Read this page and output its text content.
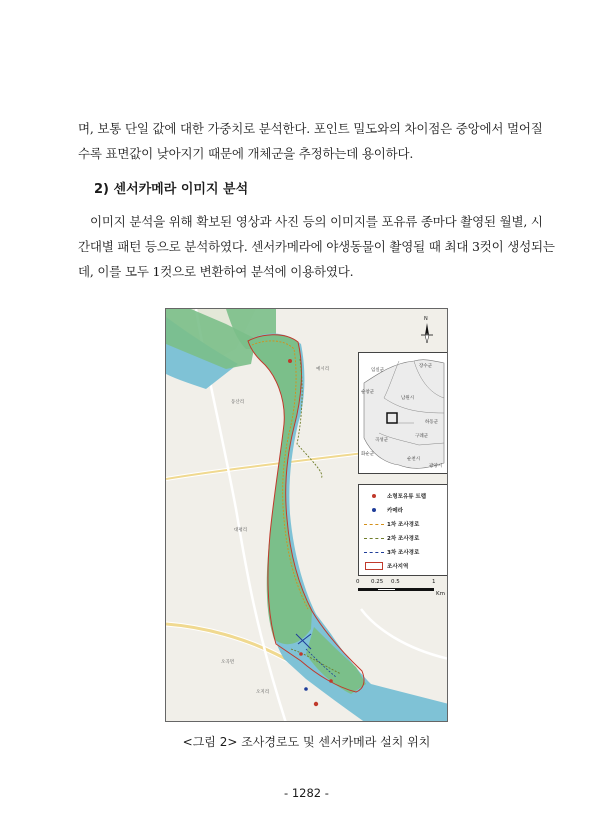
며, 보통 단일 값에 대한 가중치로 분석한다. 포인트 밀도와의 차이점은 중앙에서 멀어질
수록 표면값이 낮아지기 때문에 개체군을 추정하는데 용이하다.
2) 센서카메라 이미지 분석
이미지 분석을 위해 확보된 영상과 사진 등의 이미지를 포유류 종마다 촬영된 월별, 시
간대별 패턴 등으로 분석하였다. 센서카메라에 야생동물이 촬영될 때 최대 3컷이 생성되는
데, 이를 모두 1컷으로 변환하여 분석에 이용하였다.
예시리
동산리
대평리
오곡면
오지리
N
장수군
임실군
순창군
남원시
하동군
곡성군
구례군
화순군
순천시
광양시
소형포유류 트랩
카메라
1차 조사경로
2차 조사경로
3차 조사경로
조사지역
0 0.25 0.5	1
Km
<그림 2> 조사경로도 및 센서카메라 설치 위치
- 1282 -
